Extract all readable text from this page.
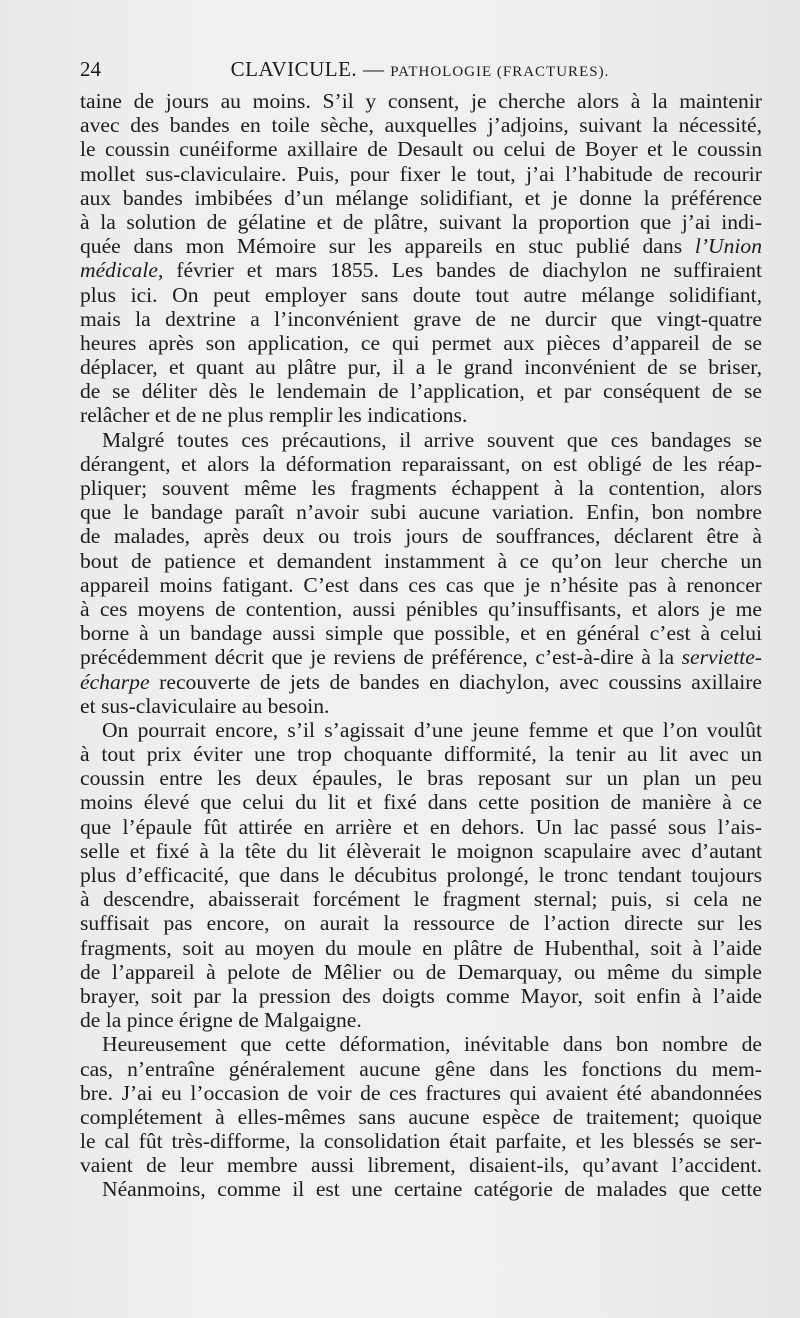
24	CLAVICULE. — PATHOLOGIE (FRACTURES).
taine de jours au moins. S’il y consent, je cherche alors à la maintenir
avec des bandes en toile sèche, auxquelles j’adjoins, suivant la nécessité,
le coussin cunéiforme axillaire de Desault ou celui de Boyer et le coussin
mollet sus-claviculaire. Puis, pour fixer le tout, j’ai l’habitude de recourir
aux bandes imbibées d’un mélange solidifiant, et je donne la préférence
à la solution de gélatine et de plâtre, suivant la proportion que j’ai indi-
quée dans mon Mémoire sur les appareils en stuc publié dans l’Union
médicale, février et mars 1855. Les bandes de diachylon ne suffiraient
plus ici. On peut employer sans doute tout autre mélange solidifiant,
mais la dextrine a l’inconvénient grave de ne durcir que vingt-quatre
heures après son application, ce qui permet aux pièces d’appareil de se
déplacer, et quant au plâtre pur, il a le grand inconvénient de se briser,
de se déliter dès le lendemain de l’application, et par conséquent de se
relâcher et de ne plus remplir les indications.
Malgré toutes ces précautions, il arrive souvent que ces bandages se
dérangent, et alors la déformation reparaissant, on est obligé de les réap-
pliquer; souvent même les fragments échappent à la contention, alors
que le bandage paraît n’avoir subi aucune variation. Enfin, bon nombre
de malades, après deux ou trois jours de souffrances, déclarent être à
bout de patience et demandent instamment à ce qu’on leur cherche un
appareil moins fatigant. C’est dans ces cas que je n’hésite pas à renoncer
à ces moyens de contention, aussi pénibles qu’insuffisants, et alors je me
borne à un bandage aussi simple que possible, et en général c’est à celui
précédemment décrit que je reviens de préférence, c’est-à-dire à la serviette-
écharpe recouverte de jets de bandes en diachylon, avec coussins axillaire
et sus-claviculaire au besoin.
On pourrait encore, s’il s’agissait d’une jeune femme et que l’on voulût
à tout prix éviter une trop choquante difformité, la tenir au lit avec un
coussin entre les deux épaules, le bras reposant sur un plan un peu
moins élevé que celui du lit et fixé dans cette position de manière à ce
que l’épaule fût attirée en arrière et en dehors. Un lac passé sous l’ais-
selle et fixé à la tête du lit élèverait le moignon scapulaire avec d’autant
plus d’efficacité, que dans le décubitus prolongé, le tronc tendant toujours
à descendre, abaisserait forcément le fragment sternal; puis, si cela ne
suffisait pas encore, on aurait la ressource de l’action directe sur les
fragments, soit au moyen du moule en plâtre de Hubenthal, soit à l’aide
de l’appareil à pelote de Mêlier ou de Demarquay, ou même du simple
brayer, soit par la pression des doigts comme Mayor, soit enfin à l’aide
de la pince érigne de Malgaigne.
Heureusement que cette déformation, inévitable dans bon nombre de
cas, n’entraîne généralement aucune gêne dans les fonctions du mem-
bre. J’ai eu l’occasion de voir de ces fractures qui avaient été abandonnées
complétement à elles-mêmes sans aucune espèce de traitement; quoique
le cal fût très-difforme, la consolidation était parfaite, et les blessés se ser-
vaient de leur membre aussi librement, disaient-ils, qu’avant l’accident.
Néanmoins, comme il est une certaine catégorie de malades que cette
